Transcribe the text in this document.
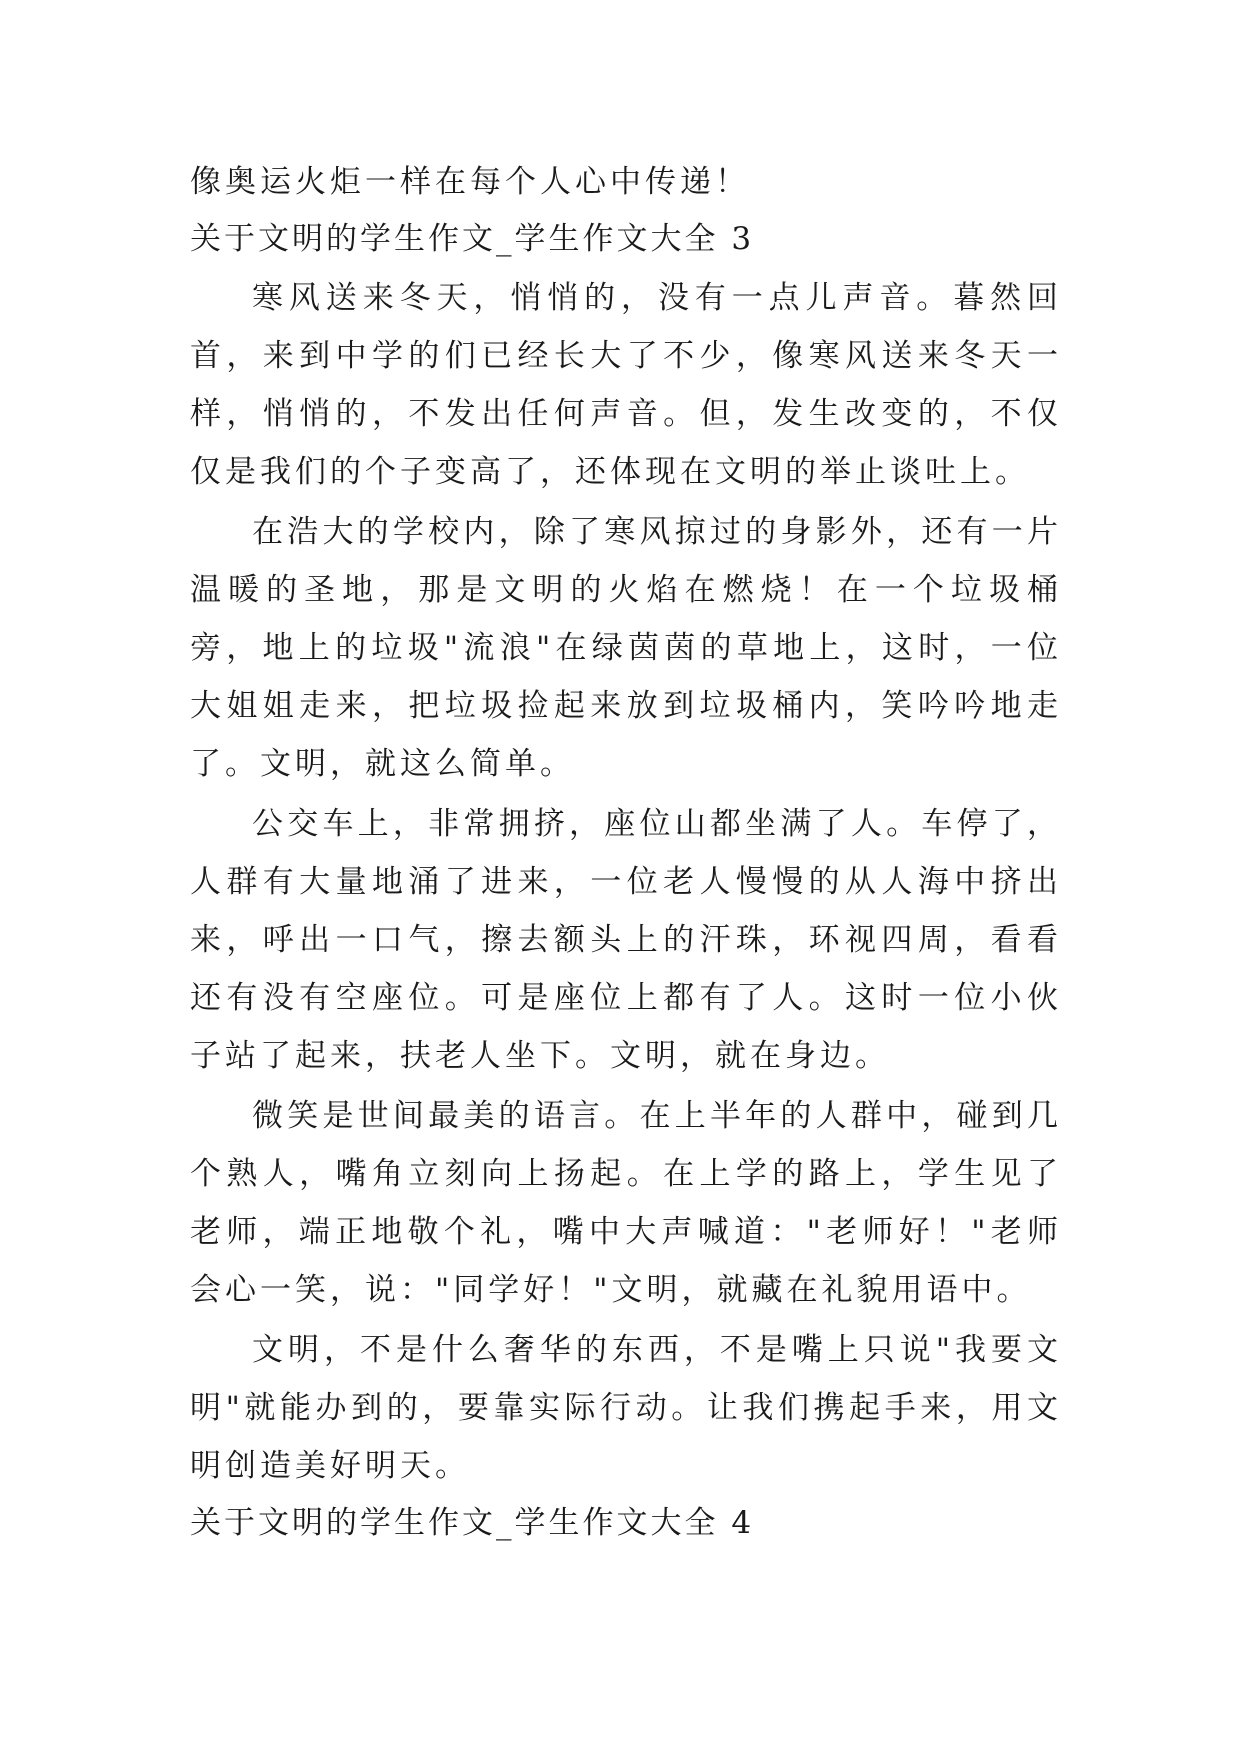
像奥运火炬一样在每个人心中传递！

关于文明的学生作文_学生作文大全 3

寒风送来冬天，悄悄的，没有一点儿声音。暮然回首，来到中学的们已经长大了不少，像寒风送来冬天一样，悄悄的，不发出任何声音。但，发生改变的，不仅仅是我们的个子变高了，还体现在文明的举止谈吐上。

在浩大的学校内，除了寒风掠过的身影外，还有一片温暖的圣地，那是文明的火焰在燃烧！在一个垃圾桶旁，地上的垃圾"流浪"在绿茵茵的草地上，这时，一位大姐姐走来，把垃圾捡起来放到垃圾桶内，笑吟吟地走了。文明，就这么简单。

公交车上，非常拥挤，座位山都坐满了人。车停了，人群有大量地涌了进来，一位老人慢慢的从人海中挤出来，呼出一口气，擦去额头上的汗珠，环视四周，看看还有没有空座位。可是座位上都有了人。这时一位小伙子站了起来，扶老人坐下。文明，就在身边。

微笑是世间最美的语言。在上半年的人群中，碰到几个熟人，嘴角立刻向上扬起。在上学的路上，学生见了老师，端正地敬个礼，嘴中大声喊道："老师好！"老师会心一笑，说："同学好！"文明，就藏在礼貌用语中。

文明，不是什么奢华的东西，不是嘴上只说"我要文明"就能办到的，要靠实际行动。让我们携起手来，用文明创造美好明天。

关于文明的学生作文_学生作文大全 4
